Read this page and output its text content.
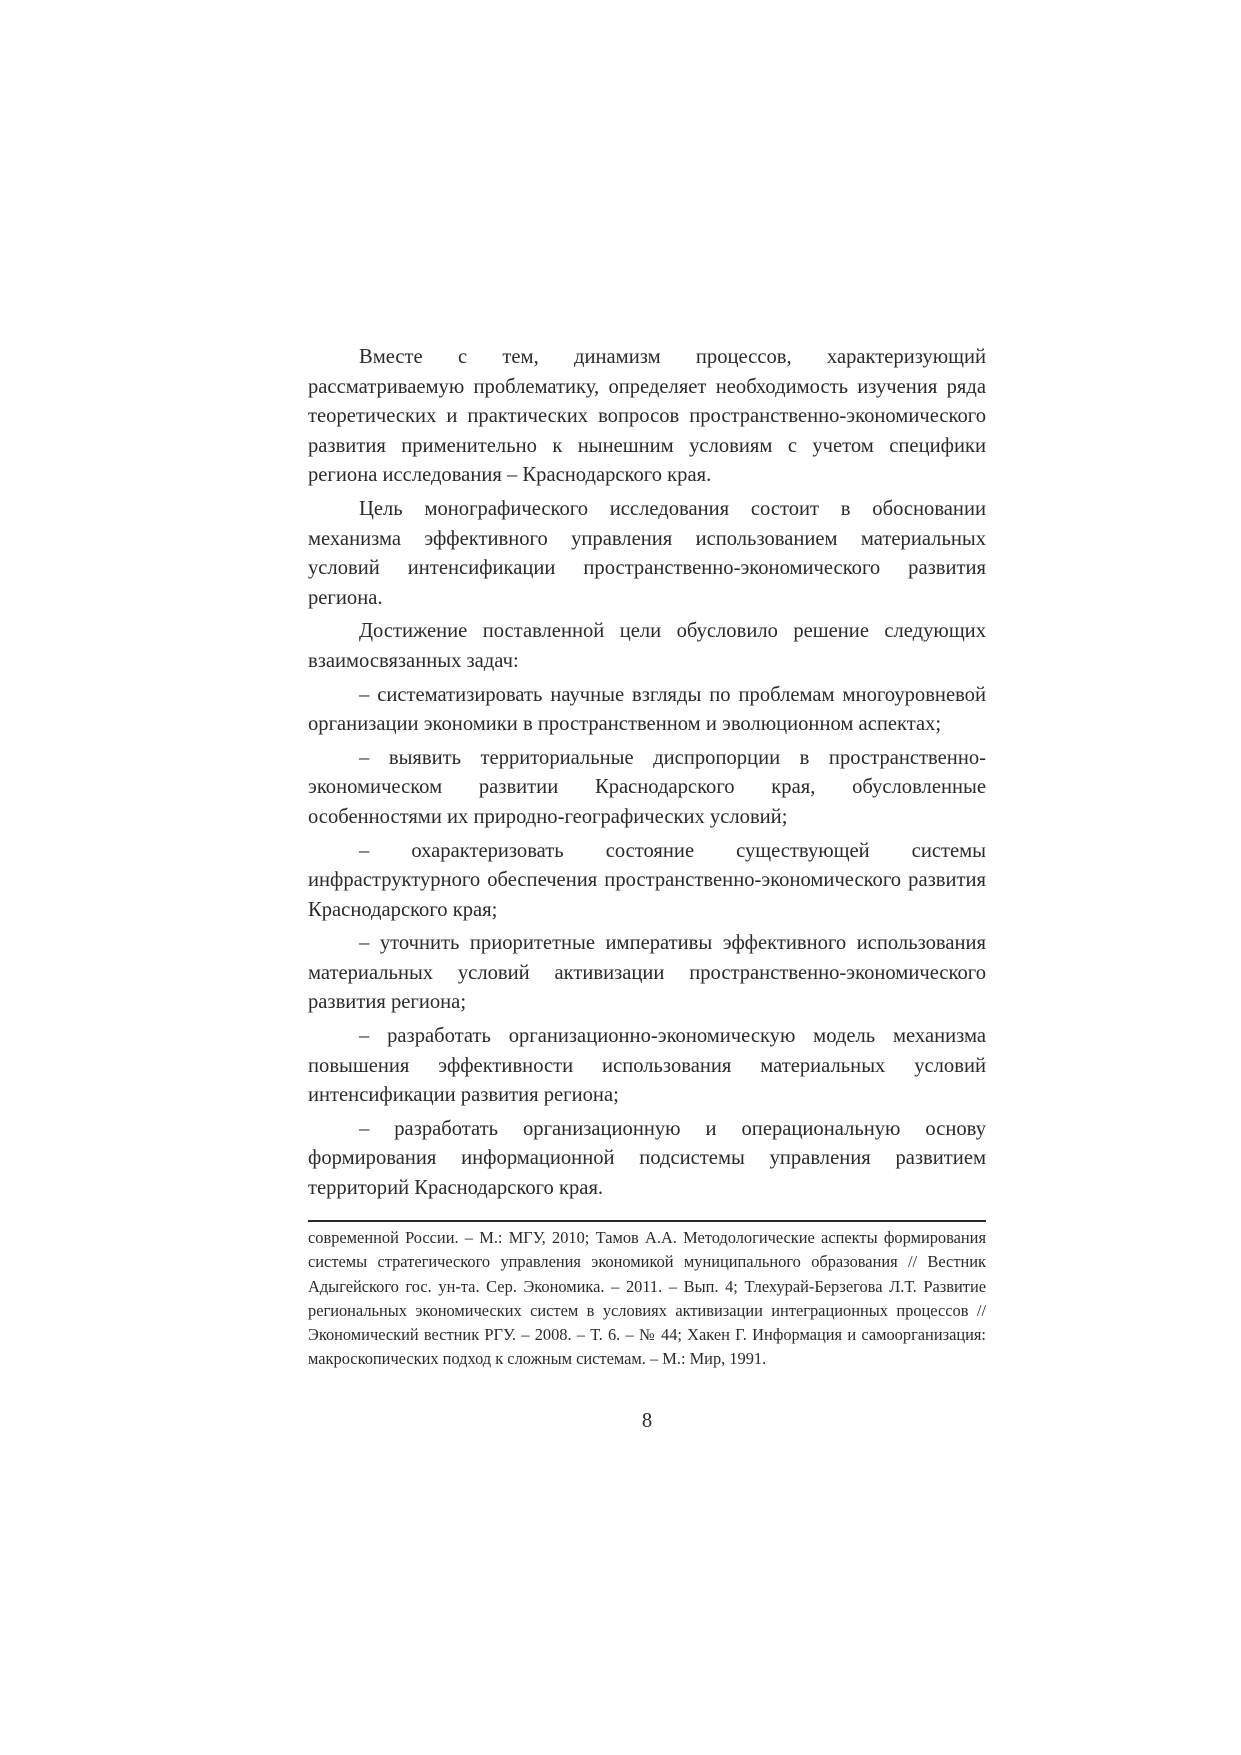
Вместе с тем, динамизм процессов, характеризующий рассматриваемую проблематику, определяет необходимость изучения ряда теоретических и практических вопросов пространственно-экономического развития применительно к нынешним условиям с учетом специфики региона исследования – Краснодарского края.

Цель монографического исследования состоит в обосновании механизма эффективного управления использованием материальных условий интенсификации пространственно-экономического развития региона.

Достижение поставленной цели обусловило решение следующих взаимосвязанных задач:

– систематизировать научные взгляды по проблемам многоуровневой организации экономики в пространственном и эволюционном аспектах;

– выявить территориальные диспропорции в пространственно-экономическом развитии Краснодарского края, обусловленные особенностями их природно-географических условий;

– охарактеризовать состояние существующей системы инфраструктурного обеспечения пространственно-экономического развития Краснодарского края;

– уточнить приоритетные императивы эффективного использования материальных условий активизации пространственно-экономического развития региона;

– разработать организационно-экономическую модель механизма повышения эффективности использования материальных условий интенсификации развития региона;

– разработать организационную и операциональную основу формирования информационной подсистемы управления развитием территорий Краснодарского края.

современной России. – М.: МГУ, 2010; Тамов А.А. Методологические аспекты формирования системы стратегического управления экономикой муниципального образования // Вестник Адыгейского гос. ун-та. Сер. Экономика. – 2011. – Вып. 4; Тлехурай-Берзегова Л.Т. Развитие региональных экономических систем в условиях активизации интеграционных процессов // Экономический вестник РГУ. – 2008. – Т. 6. – № 44; Хакен Г. Информация и самоорганизация: макроскопических подход к сложным системам. – М.: Мир, 1991.

8
